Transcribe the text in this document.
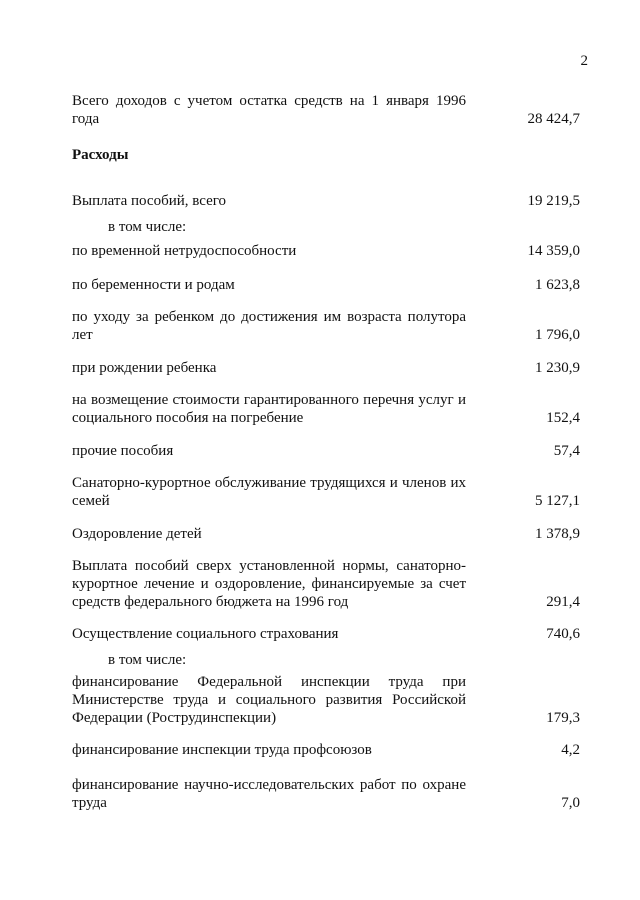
2
Всего доходов с учетом остатка средств на 1 января 1996 года	28 424,7
Расходы
Выплата пособий, всего	19 219,5
в том числе:
по временной нетрудоспособности	14 359,0
по беременности и родам	1 623,8
по уходу за ребенком до достижения им возраста полутора лет	1 796,0
при рождении ребенка	1 230,9
на возмещение стоимости гарантированного перечня услуг и социального пособия на погребение	152,4
прочие пособия	57,4
Санаторно-курортное обслуживание трудящихся и членов их семей	5 127,1
Оздоровление детей	1 378,9
Выплата пособий сверх установленной нормы, санаторно-курортное лечение и оздоровление, финансируемые за счет средств федерального бюджета на 1996 год	291,4
Осуществление социального страхования	740,6
в том числе:
финансирование Федеральной инспекции труда при Министерстве труда и социального развития Российской Федерации (Рострудинспекции)	179,3
финансирование инспекции труда профсоюзов	4,2
финансирование научно-исследовательских работ по охране труда	7,0
